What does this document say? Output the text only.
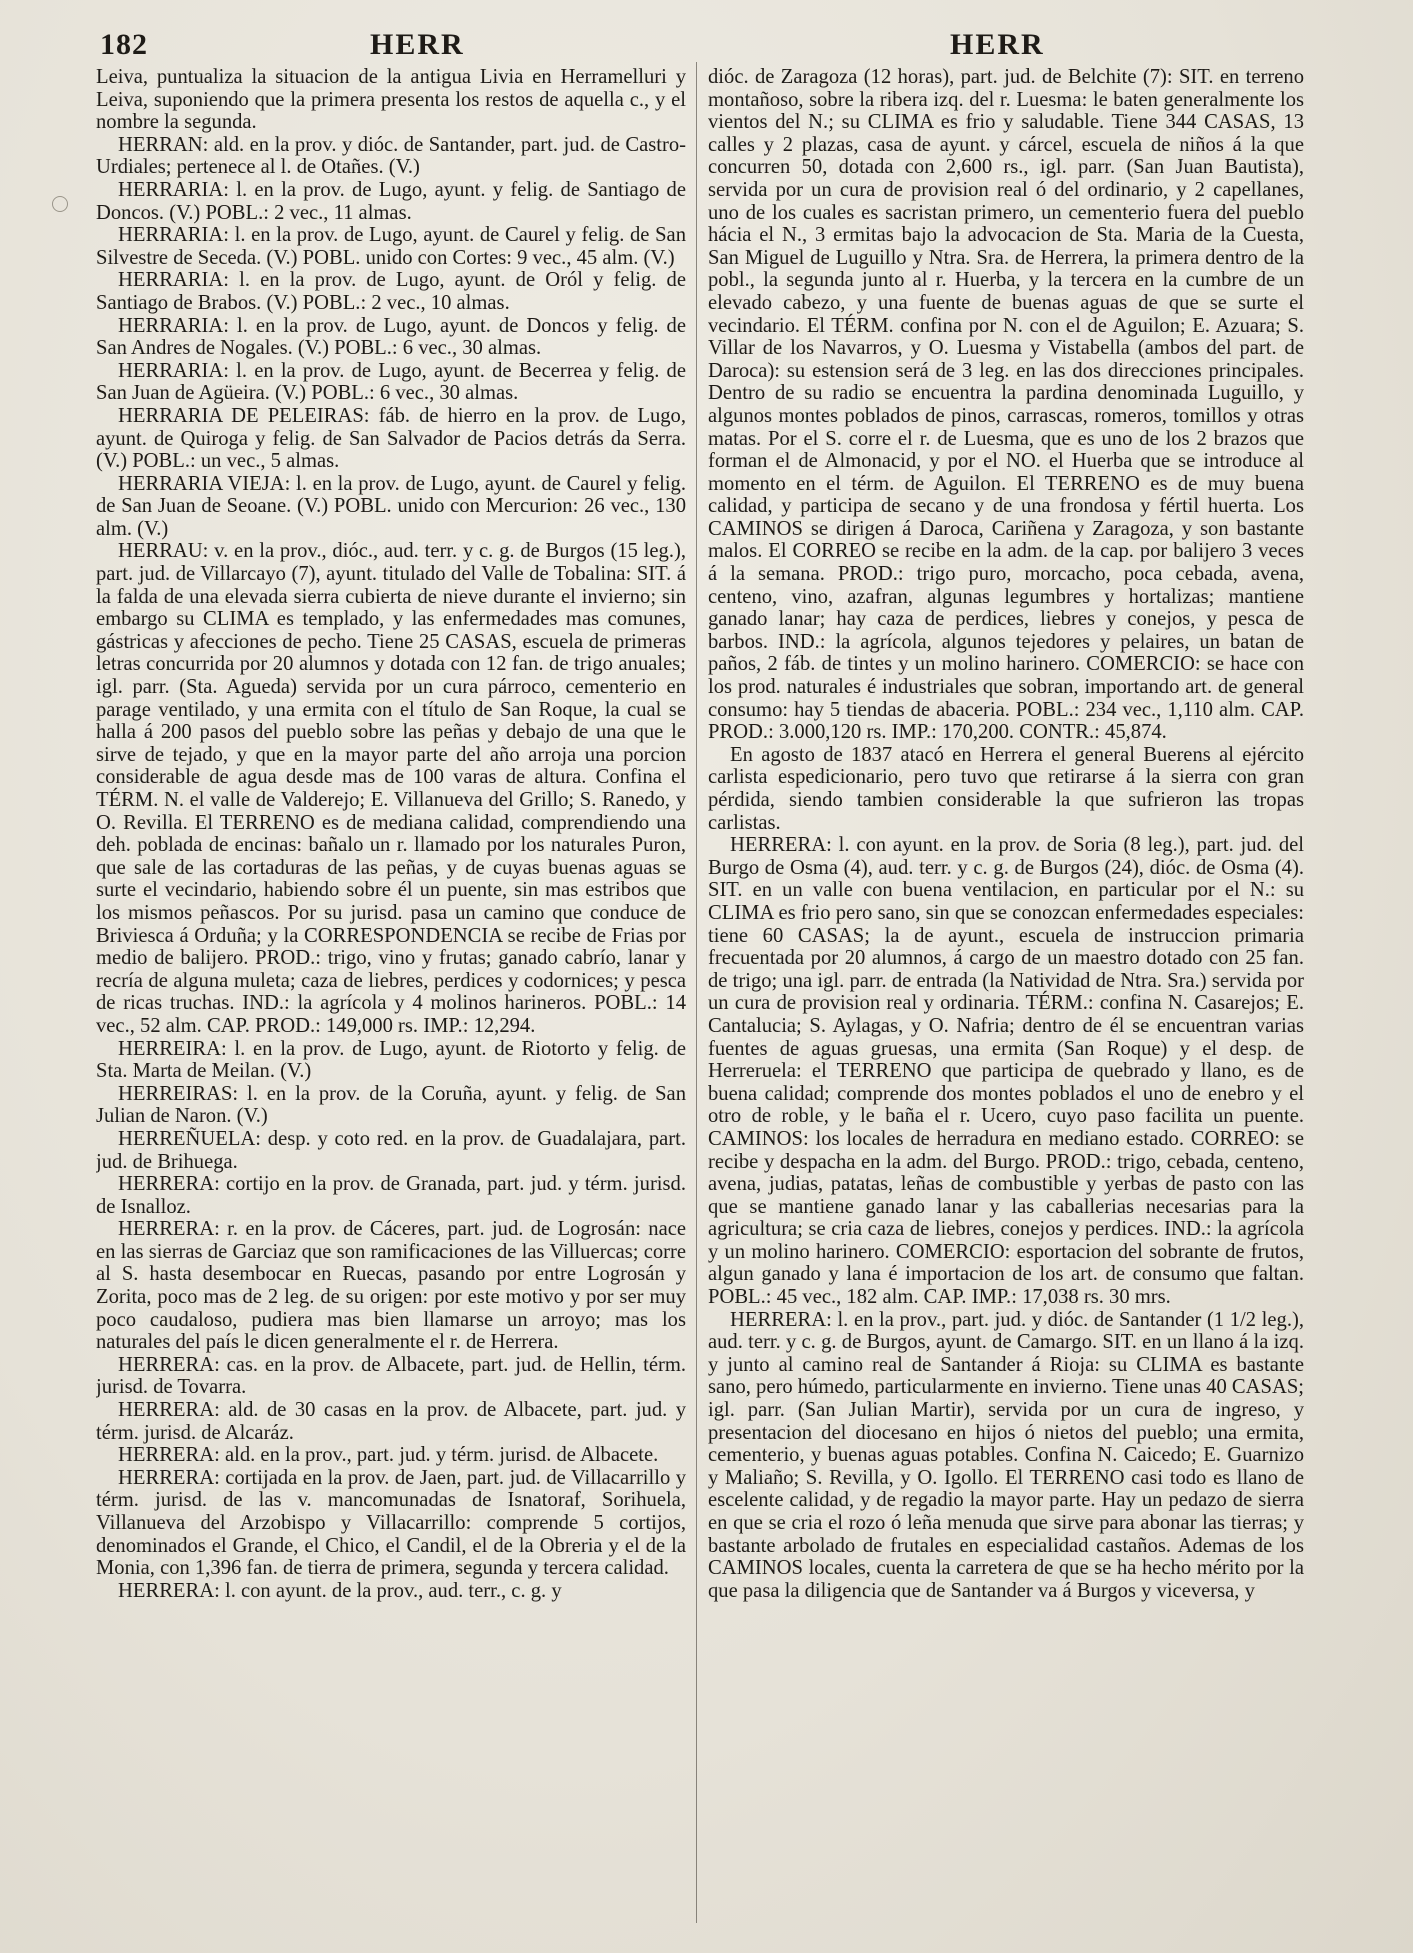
182	HERR	HERR

Leiva, puntualiza la situacion de la antigua Livia en Herramelluri y Leiva, suponiendo que la primera presenta los restos de aquella c., y el nombre la segunda.

HERRAN: ald. en la prov. y dióc. de Santander, part. jud. de Castro-Urdiales; pertenece al l. de Otañes. (V.)

HERRARIA: l. en la prov. de Lugo, ayunt. y felig. de Santiago de Doncos. (V.) POBL.: 2 vec., 11 almas.

HERRARIA: l. en la prov. de Lugo, ayunt. de Caurel y felig. de San Silvestre de Seceda. (V.) POBL. unido con Cortes: 9 vec., 45 alm. (V.)

HERRARIA: l. en la prov. de Lugo, ayunt. de Oról y felig. de Santiago de Brabos. (V.) POBL.: 2 vec., 10 almas.

HERRARIA: l. en la prov. de Lugo, ayunt. de Doncos y felig. de San Andres de Nogales. (V.) POBL.: 6 vec., 30 almas.

HERRARIA: l. en la prov. de Lugo, ayunt. de Becerrea y felig. de San Juan de Agüeira. (V.) POBL.: 6 vec., 30 almas.

HERRARIA DE PELEIRAS: fáb. de hierro en la prov. de Lugo, ayunt. de Quiroga y felig. de San Salvador de Pacios detrás da Serra. (V.) POBL.: un vec., 5 almas.

HERRARIA VIEJA: l. en la prov. de Lugo, ayunt. de Caurel y felig. de San Juan de Seoane. (V.) POBL. unido con Mercurion: 26 vec., 130 alm. (V.)

HERRAU: v. en la prov., dióc., aud. terr. y c. g. de Burgos (15 leg.), part. jud. de Villarcayo (7), ayunt. titulado del Valle de Tobalina: SIT. á la falda de una elevada sierra cubierta de nieve durante el invierno; sin embargo su CLIMA es templado, y las enfermedades mas comunes, gástricas y afecciones de pecho. Tiene 25 CASAS, escuela de primeras letras concurrida por 20 alumnos y dotada con 12 fan. de trigo anuales; igl. parr. (Sta. Agueda) servida por un cura párroco, cementerio en parage ventilado, y una ermita con el título de San Roque, la cual se halla á 200 pasos del pueblo sobre las peñas y debajo de una que le sirve de tejado, y que en la mayor parte del año arroja una porcion considerable de agua desde mas de 100 varas de altura. Confina el TÉRM. N. el valle de Valderejo; E. Villanueva del Grillo; S. Ranedo, y O. Revilla. El TERRENO es de mediana calidad, comprendiendo una deh. poblada de encinas: bañalo un r. llamado por los naturales Puron, que sale de las cortaduras de las peñas, y de cuyas buenas aguas se surte el vecindario, habiendo sobre él un puente, sin mas estribos que los mismos peñascos. Por su jurisd. pasa un camino que conduce de Briviesca á Orduña; y la CORRESPONDENCIA se recibe de Frias por medio de balijero. PROD.: trigo, vino y frutas; ganado cabrío, lanar y recría de alguna muleta; caza de liebres, perdices y codornices; y pesca de ricas truchas. IND.: la agrícola y 4 molinos harineros. POBL.: 14 vec., 52 alm. CAP. PROD.: 149,000 rs. IMP.: 12,294.

HERREIRA: l. en la prov. de Lugo, ayunt. de Riotorto y felig. de Sta. Marta de Meilan. (V.)

HERREIRAS: l. en la prov. de la Coruña, ayunt. y felig. de San Julian de Naron. (V.)

HERREÑUELA: desp. y coto red. en la prov. de Guadalajara, part. jud. de Brihuega.

HERRERA: cortijo en la prov. de Granada, part. jud. y térm. jurisd. de Isnalloz.

HERRERA: r. en la prov. de Cáceres, part. jud. de Logrosán: nace en las sierras de Garciaz que son ramificaciones de las Villuercas; corre al S. hasta desembocar en Ruecas, pasando por entre Logrosán y Zorita, poco mas de 2 leg. de su origen: por este motivo y por ser muy poco caudaloso, pudiera mas bien llamarse un arroyo; mas los naturales del país le dicen generalmente el r. de Herrera.

HERRERA: cas. en la prov. de Albacete, part. jud. de Hellin, térm. jurisd. de Tovarra.

HERRERA: ald. de 30 casas en la prov. de Albacete, part. jud. y térm. jurisd. de Alcaráz.

HERRERA: ald. en la prov., part. jud. y térm. jurisd. de Albacete.

HERRERA: cortijada en la prov. de Jaen, part. jud. de Villacarrillo y térm. jurisd. de las v. mancomunadas de Isnatoraf, Sorihuela, Villanueva del Arzobispo y Villacarrillo: comprende 5 cortijos, denominados el Grande, el Chico, el Candil, el de la Obreria y el de la Monia, con 1,396 fan. de tierra de primera, segunda y tercera calidad.

HERRERA: l. con ayunt. de la prov., aud. terr., c. g. y

dióc. de Zaragoza (12 horas), part. jud. de Belchite (7): SIT. en terreno montañoso, sobre la ribera izq. del r. Luesma: le baten generalmente los vientos del N.; su CLIMA es frio y saludable. Tiene 344 CASAS, 13 calles y 2 plazas, casa de ayunt. y cárcel, escuela de niños á la que concurren 50, dotada con 2,600 rs., igl. parr. (San Juan Bautista), servida por un cura de provision real ó del ordinario, y 2 capellanes, uno de los cuales es sacristan primero, un cementerio fuera del pueblo hácia el N., 3 ermitas bajo la advocacion de Sta. Maria de la Cuesta, San Miguel de Luguillo y Ntra. Sra. de Herrera, la primera dentro de la pobl., la segunda junto al r. Huerba, y la tercera en la cumbre de un elevado cabezo, y una fuente de buenas aguas de que se surte el vecindario. El TÉRM. confina por N. con el de Aguilon; E. Azuara; S. Villar de los Navarros, y O. Luesma y Vistabella (ambos del part. de Daroca): su estension será de 3 leg. en las dos direcciones principales. Dentro de su radio se encuentra la pardina denominada Luguillo, y algunos montes poblados de pinos, carrascas, romeros, tomillos y otras matas. Por el S. corre el r. de Luesma, que es uno de los 2 brazos que forman el de Almonacid, y por el NO. el Huerba que se introduce al momento en el térm. de Aguilon. El TERRENO es de muy buena calidad, y participa de secano y de una frondosa y fértil huerta. Los CAMINOS se dirigen á Daroca, Cariñena y Zaragoza, y son bastante malos. El CORREO se recibe en la adm. de la cap. por balijero 3 veces á la semana. PROD.: trigo puro, morcacho, poca cebada, avena, centeno, vino, azafran, algunas legumbres y hortalizas; mantiene ganado lanar; hay caza de perdices, liebres y conejos, y pesca de barbos. IND.: la agrícola, algunos tejedores y pelaires, un batan de paños, 2 fáb. de tintes y un molino harinero. COMERCIO: se hace con los prod. naturales é industriales que sobran, importando art. de general consumo: hay 5 tiendas de abaceria. POBL.: 234 vec., 1,110 alm. CAP. PROD.: 3.000,120 rs. IMP.: 170,200. CONTR.: 45,874.

En agosto de 1837 atacó en Herrera el general Buerens al ejército carlista espedicionario, pero tuvo que retirarse á la sierra con gran pérdida, siendo tambien considerable la que sufrieron las tropas carlistas.

HERRERA: l. con ayunt. en la prov. de Soria (8 leg.), part. jud. del Burgo de Osma (4), aud. terr. y c. g. de Burgos (24), dióc. de Osma (4). SIT. en un valle con buena ventilacion, en particular por el N.: su CLIMA es frio pero sano, sin que se conozcan enfermedades especiales: tiene 60 CASAS; la de ayunt., escuela de instruccion primaria frecuentada por 20 alumnos, á cargo de un maestro dotado con 25 fan. de trigo; una igl. parr. de entrada (la Natividad de Ntra. Sra.) servida por un cura de provision real y ordinaria. TÉRM.: confina N. Casarejos; E. Cantalucia; S. Aylagas, y O. Nafria; dentro de él se encuentran varias fuentes de aguas gruesas, una ermita (San Roque) y el desp. de Herreruela: el TERRENO que participa de quebrado y llano, es de buena calidad; comprende dos montes poblados el uno de enebro y el otro de roble, y le baña el r. Ucero, cuyo paso facilita un puente. CAMINOS: los locales de herradura en mediano estado. CORREO: se recibe y despacha en la adm. del Burgo. PROD.: trigo, cebada, centeno, avena, judias, patatas, leñas de combustible y yerbas de pasto con las que se mantiene ganado lanar y las caballerias necesarias para la agricultura; se cria caza de liebres, conejos y perdices. IND.: la agrícola y un molino harinero. COMERCIO: esportacion del sobrante de frutos, algun ganado y lana é importacion de los art. de consumo que faltan. POBL.: 45 vec., 182 alm. CAP. IMP.: 17,038 rs. 30 mrs.

HERRERA: l. en la prov., part. jud. y dióc. de Santander (1 1/2 leg.), aud. terr. y c. g. de Burgos, ayunt. de Camargo. SIT. en un llano á la izq. y junto al camino real de Santander á Rioja: su CLIMA es bastante sano, pero húmedo, particularmente en invierno. Tiene unas 40 CASAS; igl. parr. (San Julian Martir), servida por un cura de ingreso, y presentacion del diocesano en hijos ó nietos del pueblo; una ermita, cementerio, y buenas aguas potables. Confina N. Caicedo; E. Guarnizo y Maliaño; S. Revilla, y O. Igollo. El TERRENO casi todo es llano de escelente calidad, y de regadio la mayor parte. Hay un pedazo de sierra en que se cria el rozo ó leña menuda que sirve para abonar las tierras; y bastante arbolado de frutales en especialidad castaños. Ademas de los CAMINOS locales, cuenta la carretera de que se ha hecho mérito por la que pasa la diligencia que de Santander va á Burgos y viceversa, y
